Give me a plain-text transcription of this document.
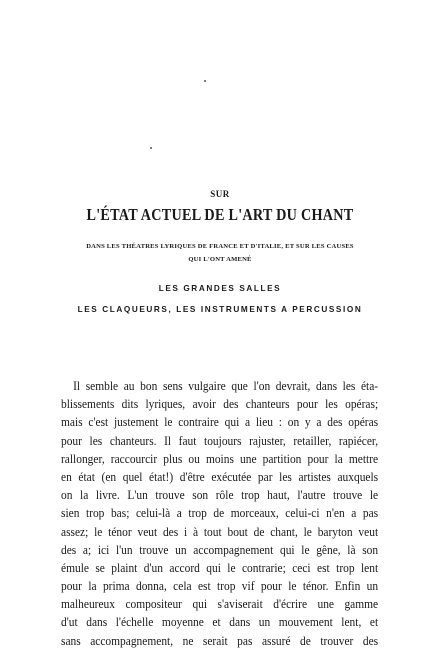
SUR
L'ÉTAT ACTUEL DE L'ART DU CHANT
DANS LES THÉATRES LYRIQUES DE FRANCE ET D'ITALIE, ET SUR LES CAUSES
QUI L'ONT AMENÉ
LES GRANDES SALLES
LES CLAQUEURS, LES INSTRUMENTS A PERCUSSION
Il semble au bon sens vulgaire que l'on devrait, dans les éta-
blissements dits lyriques, avoir des chanteurs pour les opéras;
mais c'est justement le contraire qui a lieu : on y a des opéras
pour les chanteurs. Il faut toujours rajuster, retailler, rapiécer,
rallonger, raccourcir plus ou moins une partition pour la mettre
en état (en quel état!) d'être exécutée par les artistes auxquels
on la livre. L'un trouve son rôle trop haut, l'autre trouve le
sien trop bas; celui-là a trop de morceaux, celui-ci n'en a pas
assez; le ténor veut des i à tout bout de chant, le baryton veut
des a; ici l'un trouve un accompagnement qui le gêne, là son
émule se plaint d'un accord qui le contrarie; ceci est trop lent
pour la prima donna, cela est trop vif pour le ténor. Enfin un
malheureux compositeur qui s'aviserait d'écrire une gamme
d'ut dans l'échelle moyenne et dans un mouvement lent, et
sans accompagnement, ne serait pas assuré de trouver des
